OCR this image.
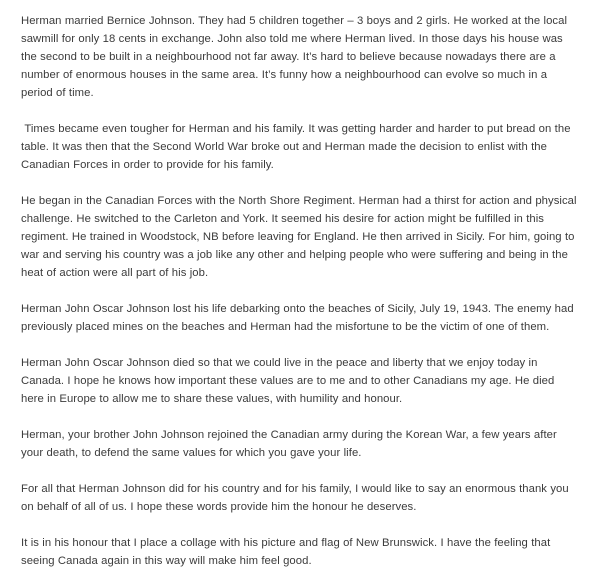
Herman married Bernice Johnson. They had 5 children together – 3 boys and 2 girls. He worked at the local sawmill for only 18 cents in exchange. John also told me where Herman lived. In those days his house was the second to be built in a neighbourhood not far away. It’s hard to believe because nowadays there are a number of enormous houses in the same area. It’s funny how a neighbourhood can evolve so much in a period of time.

Times became even tougher for Herman and his family. It was getting harder and harder to put bread on the table. It was then that the Second World War broke out and Herman made the decision to enlist with the Canadian Forces in order to provide for his family.

He began in the Canadian Forces with the North Shore Regiment. Herman had a thirst for action and physical challenge. He switched to the Carleton and York. It seemed his desire for action might be fulfilled in this regiment. He trained in Woodstock, NB before leaving for England. He then arrived in Sicily. For him, going to war and serving his country was a job like any other and helping people who were suffering and being in the heat of action were all part of his job.

Herman John Oscar Johnson lost his life debarking onto the beaches of Sicily, July 19, 1943. The enemy had previously placed mines on the beaches and Herman had the misfortune to be the victim of one of them.

Herman John Oscar Johnson died so that we could live in the peace and liberty that we enjoy today in Canada. I hope he knows how important these values are to me and to other Canadians my age. He died here in Europe to allow me to share these values, with humility and honour.

Herman, your brother John Johnson rejoined the Canadian army during the Korean War, a few years after your death, to defend the same values for which you gave your life.

For all that Herman Johnson did for his country and for his family, I would like to say an enormous thank you on behalf of all of us. I hope these words provide him the honour he deserves.

It is in his honour that I place a collage with his picture and flag of New Brunswick. I have the feeling that seeing Canada again in this way will make him feel good.
